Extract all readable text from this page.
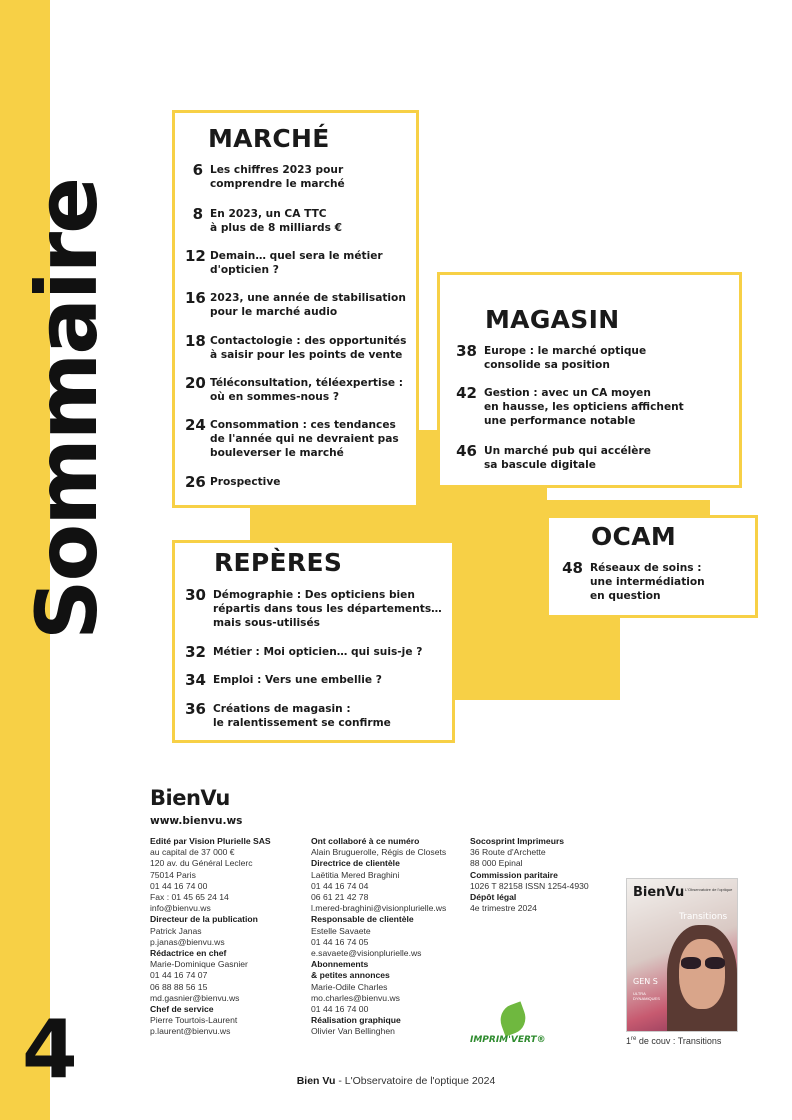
Sommaire
4
MARCHÉ
6 Les chiffres 2023 pour
comprendre le marché
8 En 2023, un CA TTC
à plus de 8 milliards €
12 Demain… quel sera le métier
d'opticien ?
16 2023, une année de stabilisation
pour le marché audio
18 Contactologie : des opportunités
à saisir pour les points de vente
20 Téléconsultation, téléexpertise :
où en sommes-nous ?
24 Consommation : ces tendances
de l'année qui ne devraient pas
bouleverser le marché
26 Prospective
MAGASIN
38 Europe : le marché optique
consolide sa position
42 Gestion : avec un CA moyen
en hausse, les opticiens affichent
une performance notable
46 Un marché pub qui accélère
sa bascule digitale
OCAM
48 Réseaux de soins :
une intermédiation
en question
REPÈRES
30 Démographie : Des opticiens bien
répartis dans tous les départements…
mais sous-utilisés
32 Métier : Moi opticien… qui suis-je ?
34 Emploi : Vers une embellie ?
36 Créations de magasin :
le ralentissement se confirme
BienVu
www.bienvu.ws
Edité par Vision Plurielle SAS
au capital de 37 000 €
120 av. du Général Leclerc
75014 Paris
01 44 16 74 00
Fax : 01 45 65 24 14
info@bienvu.ws
Directeur de la publication
Patrick Janas
p.janas@bienvu.ws
Rédactrice en chef
Marie-Dominique Gasnier
01 44 16 74 07
06 88 88 56 15
md.gasnier@bienvu.ws
Chef de service
Pierre Tourtois-Laurent
p.laurent@bienvu.ws
Ont collaboré à ce numéro
Alain Bruguerolle, Régis de Closets
Directrice de clientèle
Laëtitia Mered Braghini
01 44 16 74 04
06 61 21 42 78
l.mered-braghini@visionplurielle.ws
Responsable de clientèle
Estelle Savaete
01 44 16 74 05
e.savaete@visionplurielle.ws
Abonnements
& petites annonces
Marie-Odile Charles
mo.charles@bienvu.ws
01 44 16 74 00
Réalisation graphique
Olivier Van Bellinghen
Socosprint Imprimeurs
36 Route d'Archette
88 000 Epinal
Commission paritaire
1026 T 82158 ISSN 1254-4930
Dépôt légal
4e trimestre 2024
IMPRIM'VERT®
BienVu L'Observatoire de l'optique
Transitions
GEN S
ULTRA DYNAMIQUES
1re de couv : Transitions
Bien Vu - L'Observatoire de l'optique 2024
